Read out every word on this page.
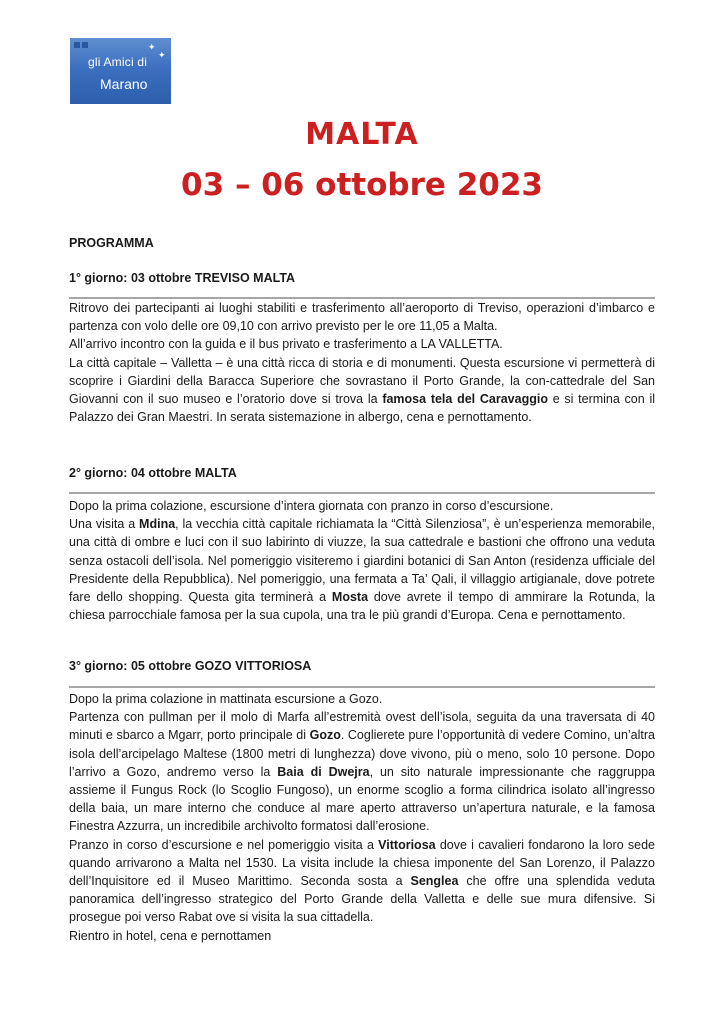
✦
✦
gli Amici di
Marano
MALTA
03 – 06 ottobre 2023
PROGRAMMA
1° giorno: 03 ottobre TREVISO MALTA

Ritrovo dei partecipanti ai luoghi stabiliti e trasferimento all’aeroporto di Treviso, operazioni d’imbarco e partenza con volo delle ore 09,10 con arrivo previsto per le ore 11,05 a Malta.

All’arrivo incontro con la guida e il bus privato e trasferimento a LA VALLETTA.

La città capitale – Valletta – è una città ricca di storia e di monumenti. Questa escursione vi permetterà di scoprire i Giardini della Baracca Superiore che sovrastano il Porto Grande, la con-cattedrale del San Giovanni con il suo museo e l’oratorio dove si trova la famosa tela del Caravaggio e si termina con il Palazzo dei Gran Maestri. In serata sistemazione in albergo, cena e pernottamento.

2° giorno: 04 ottobre MALTA

Dopo la prima colazione, escursione d’intera giornata con pranzo in corso d’escursione.

Una visita a Mdina, la vecchia città capitale richiamata la “Città Silenziosa”, è un’esperienza memorabile, una città di ombre e luci con il suo labirinto di viuzze, la sua cattedrale e bastioni che offrono una veduta senza ostacoli dell’isola. Nel pomeriggio visiteremo i giardini botanici di San Anton (residenza ufficiale del Presidente della Repubblica). Nel pomeriggio, una fermata a Ta’ Qali, il villaggio artigianale, dove potrete fare dello shopping. Questa gita terminerà a Mosta dove avrete il tempo di ammirare la Rotunda, la chiesa parrocchiale famosa per la sua cupola, una tra le più grandi d’Europa. Cena e pernottamento.

3° giorno: 05 ottobre GOZO VITTORIOSA

Dopo la prima colazione in mattinata escursione a Gozo.

Partenza con pullman per il molo di Marfa all’estremità ovest dell’isola, seguita da una traversata di 40 minuti e sbarco a Mgarr, porto principale di Gozo. Coglierete pure l’opportunità di vedere Comino, un’altra isola dell’arcipelago Maltese (1800 metri di lunghezza) dove vivono, più o meno, solo 10 persone. Dopo l’arrivo a Gozo, andremo verso la Baia di Dwejra, un sito naturale impressionante che raggruppa assieme il Fungus Rock (lo Scoglio Fungoso), un enorme scoglio a forma cilindrica isolato all’ingresso della baia, un mare interno che conduce al mare aperto attraverso un’apertura naturale, e la famosa Finestra Azzurra, un incredibile archivolto formatosi dall’erosione.

Pranzo in corso d’escursione e nel pomeriggio visita a Vittoriosa dove i cavalieri fondarono la loro sede quando arrivarono a Malta nel 1530. La visita include la chiesa imponente del San Lorenzo, il Palazzo dell’Inquisitore ed il Museo Marittimo. Seconda sosta a Senglea che offre una splendida veduta panoramica dell’ingresso strategico del Porto Grande della Valletta e delle sue mura difensive. Si prosegue poi verso Rabat ove si visita la sua cittadella.

Rientro in hotel, cena e pernottamen
